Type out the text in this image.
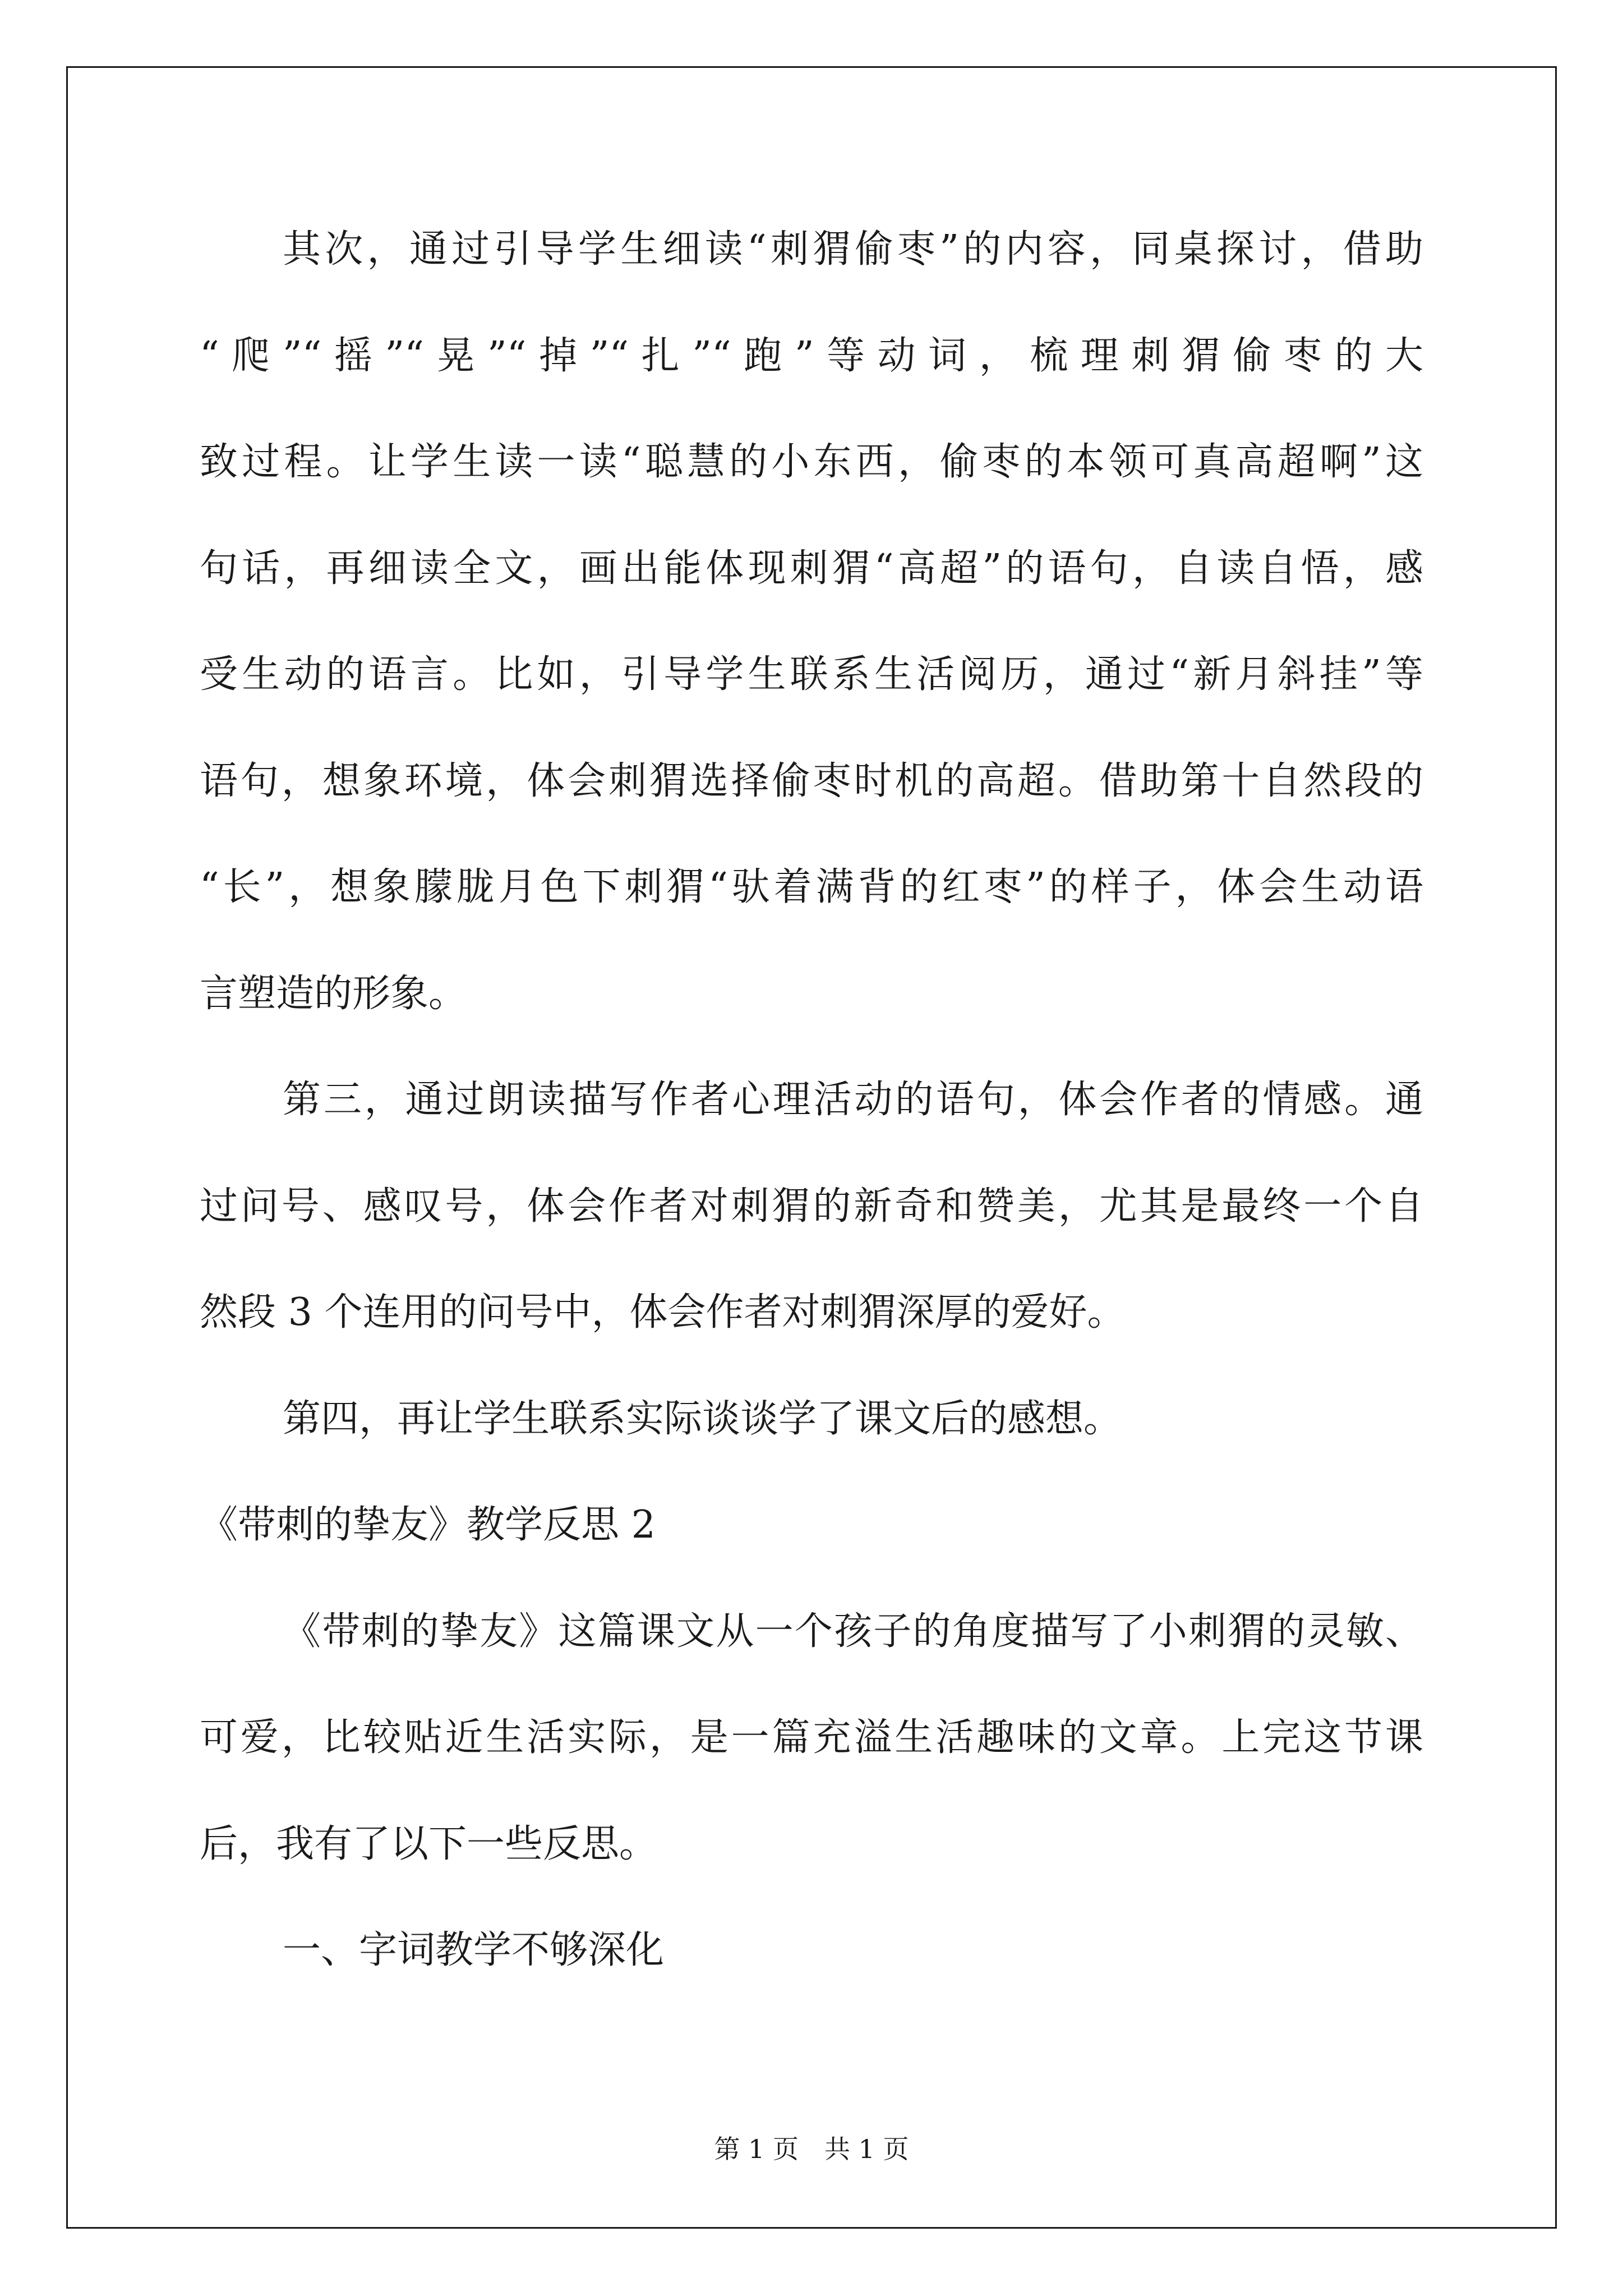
其次，通过引导学生细读“刺猬偷枣”的内容，同桌探讨，借助
“爬”“摇”“晃”“掉”“扎”“跑”等动词，梳理刺猬偷枣的大
致过程。让学生读一读“聪慧的小东西，偷枣的本领可真高超啊”这
句话，再细读全文，画出能体现刺猬“高超”的语句，自读自悟，感
受生动的语言。比如，引导学生联系生活阅历，通过“新月斜挂”等
语句，想象环境，体会刺猬选择偷枣时机的高超。借助第十自然段的
“长”，想象朦胧月色下刺猬“驮着满背的红枣”的样子，体会生动语
言塑造的形象。
第三，通过朗读描写作者心理活动的语句，体会作者的情感。通
过问号、感叹号，体会作者对刺猬的新奇和赞美，尤其是最终一个自
然段 3 个连用的问号中，体会作者对刺猬深厚的爱好。
第四，再让学生联系实际谈谈学了课文后的感想。
《带刺的挚友》教学反思 2
《带刺的挚友》这篇课文从一个孩子的角度描写了小刺猬的灵敏、
可爱，比较贴近生活实际，是一篇充溢生活趣味的文章。上完这节课
后，我有了以下一些反思。
一、字词教学不够深化
第 1 页　共 1 页
